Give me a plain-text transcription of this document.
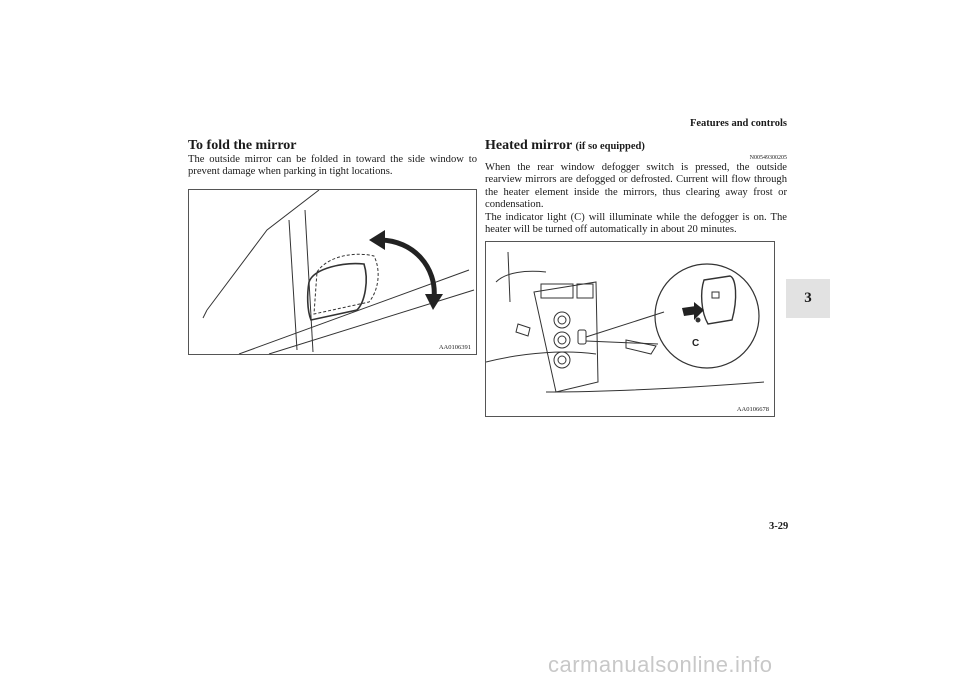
Features and controls
3
To fold the mirror

The outside mirror can be folded in toward the side window to prevent damage when parking in tight locations.

AA0106391
Heated mirror (if so equipped)
N00549300205

When the rear window defogger switch is pressed, the outside rearview mirrors are defogged or defrosted. Current will flow through the heater element inside the mirrors, thus clearing away frost or condensation.

The indicator light (C) will illuminate while the defogger is on. The heater will be turned off automatically in about 20 minutes.

C
AA0106678
3-29
carmanualsonline.info
